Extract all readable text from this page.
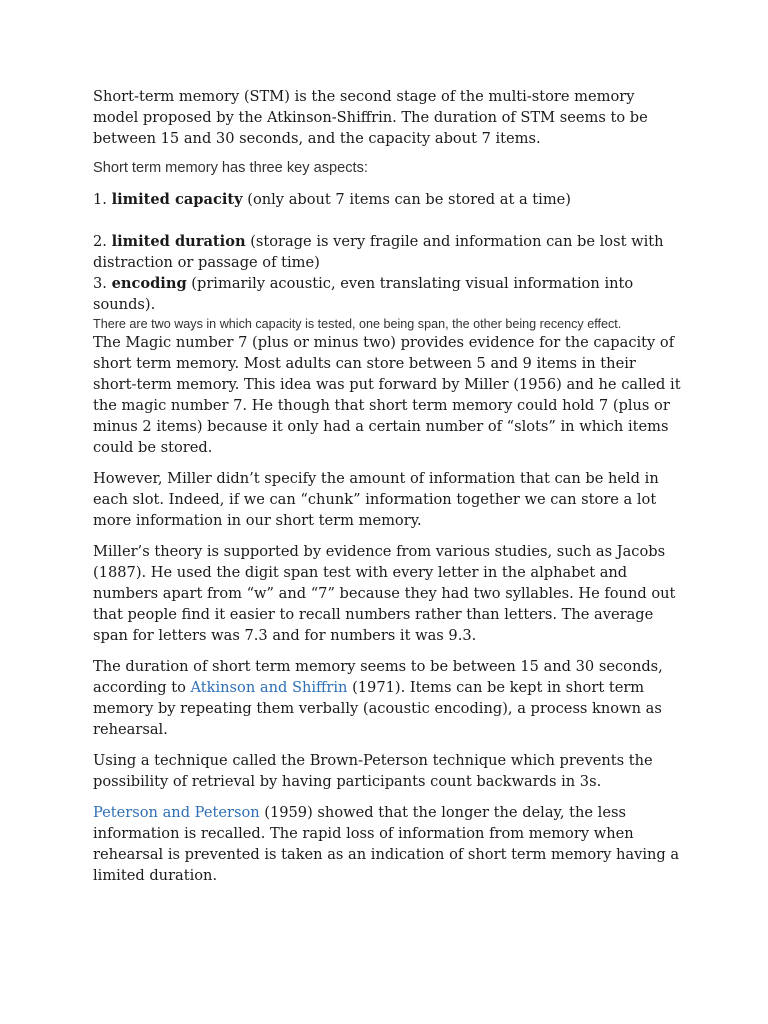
Short-term memory (STM) is the second stage of the multi-store memory model proposed by the Atkinson-Shiffrin. The duration of STM seems to be between 15 and 30 seconds, and the capacity about 7 items.

Short term memory has three key aspects:

1. limited capacity (only about 7 items can be stored at a time)

2. limited duration (storage is very fragile and information can be lost with distraction or passage of time)

3. encoding (primarily acoustic, even translating visual information into sounds).

There are two ways in which capacity is tested, one being span, the other being recency effect.

The Magic number 7 (plus or minus two) provides evidence for the capacity of short term memory. Most adults can store between 5 and 9 items in their short-term memory. This idea was put forward by Miller (1956) and he called it the magic number 7. He though that short term memory could hold 7 (plus or minus 2 items) because it only had a certain number of “slots” in which items could be stored.

However, Miller didn’t specify the amount of information that can be held in each slot. Indeed, if we can “chunk” information together we can store a lot more information in our short term memory.

Miller’s theory is supported by evidence from various studies, such as Jacobs (1887). He used the digit span test with every letter in the alphabet and numbers apart from “w” and “7” because they had two syllables. He found out that people find it easier to recall numbers rather than letters. The average span for letters was 7.3 and for numbers it was 9.3.

The duration of short term memory seems to be between 15 and 30 seconds, according to Atkinson and Shiffrin (1971). Items can be kept in short term memory by repeating them verbally (acoustic encoding), a process known as rehearsal.

Using a technique called the Brown-Peterson technique which prevents the possibility of retrieval by having participants count backwards in 3s.

Peterson and Peterson (1959) showed that the longer the delay, the less information is recalled. The rapid loss of information from memory when rehearsal is prevented is taken as an indication of short term memory having a limited duration.
